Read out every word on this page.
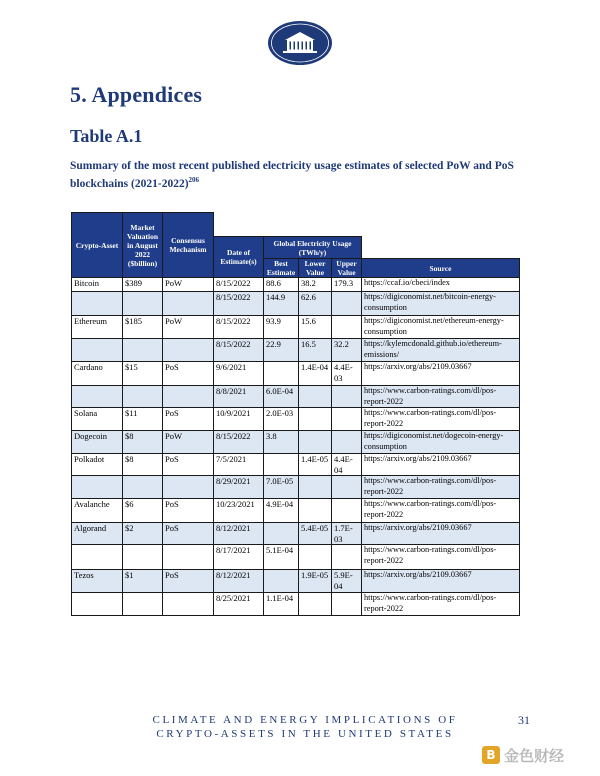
5. Appendices
Table A.1

Summary of the most recent published electricity usage estimates of selected PoW and PoS blockchains (2021-2022)$^{206}$

Crypto-Asset	Market Valuation in August 2022 ($billion)	Consensus Mechanism					
			Date of Estimate(s)	Global Electricity Usage (TWh/y)			
				Best Estimate	Lower Value	Upper Value	Source
Bitcoin	$389	PoW	8/15/2022	88.6	38.2	179.3	https://ccaf.io/cbeci/index
			8/15/2022	144.9	62.6		https://digiconomist.net/bitcoin-energy-consumption
Ethereum	$185	PoW	8/15/2022	93.9	15.6		https://digiconomist.net/ethereum-energy-consumption
			8/15/2022	22.9	16.5	32.2	https://kylemcdonald.github.io/ethereum-emissions/
Cardano	$15	PoS	9/6/2021		1.4E-04	4.4E-03	https://arxiv.org/abs/2109.03667
			8/8/2021	6.0E-04			https://www.carbon-ratings.com/dl/pos-report-2022
Solana	$11	PoS	10/9/2021	2.0E-03			https://www.carbon-ratings.com/dl/pos-report-2022
Dogecoin	$8	PoW	8/15/2022	3.8			https://digiconomist.net/dogecoin-energy-consumption
Polkadot	$8	PoS	7/5/2021		1.4E-05	4.4E-04	https://arxiv.org/abs/2109.03667
			8/29/2021	7.0E-05			https://www.carbon-ratings.com/dl/pos-report-2022
Avalanche	$6	PoS	10/23/2021	4.9E-04			https://www.carbon-ratings.com/dl/pos-report-2022
Algorand	$2	PoS	8/12/2021		5.4E-05	1.7E-03	https://arxiv.org/abs/2109.03667
			8/17/2021	5.1E-04			https://www.carbon-ratings.com/dl/pos-report-2022
Tezos	$1	PoS	8/12/2021		1.9E-05	5.9E-04	https://arxiv.org/abs/2109.03667
			8/25/2021	1.1E-04			https://www.carbon-ratings.com/dl/pos-report-2022
CLIMATE AND ENERGY IMPLICATIONS OF
CRYPTO-ASSETS IN THE UNITED STATES
31
B 金色财经
